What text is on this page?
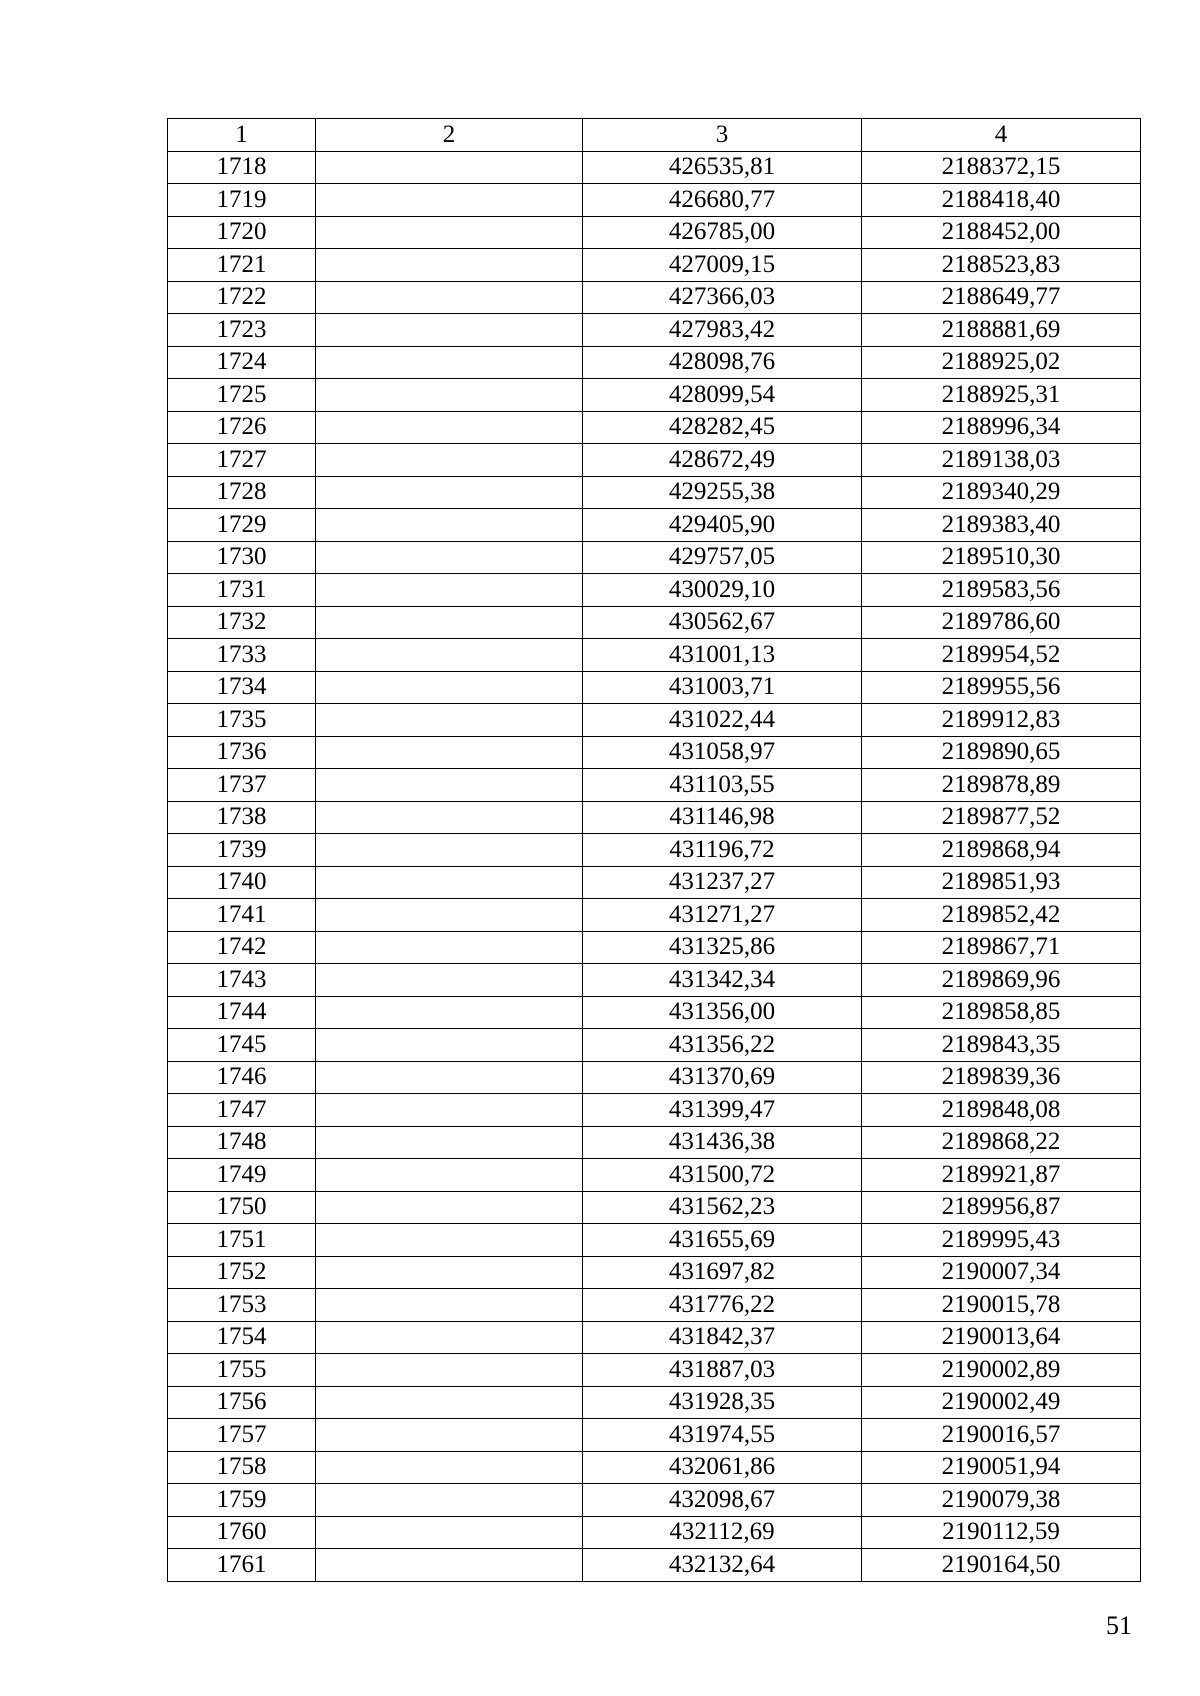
1	2	3	4
1718		426535,81	2188372,15
1719		426680,77	2188418,40
1720		426785,00	2188452,00
1721		427009,15	2188523,83
1722		427366,03	2188649,77
1723		427983,42	2188881,69
1724		428098,76	2188925,02
1725		428099,54	2188925,31
1726		428282,45	2188996,34
1727		428672,49	2189138,03
1728		429255,38	2189340,29
1729		429405,90	2189383,40
1730		429757,05	2189510,30
1731		430029,10	2189583,56
1732		430562,67	2189786,60
1733		431001,13	2189954,52
1734		431003,71	2189955,56
1735		431022,44	2189912,83
1736		431058,97	2189890,65
1737		431103,55	2189878,89
1738		431146,98	2189877,52
1739		431196,72	2189868,94
1740		431237,27	2189851,93
1741		431271,27	2189852,42
1742		431325,86	2189867,71
1743		431342,34	2189869,96
1744		431356,00	2189858,85
1745		431356,22	2189843,35
1746		431370,69	2189839,36
1747		431399,47	2189848,08
1748		431436,38	2189868,22
1749		431500,72	2189921,87
1750		431562,23	2189956,87
1751		431655,69	2189995,43
1752		431697,82	2190007,34
1753		431776,22	2190015,78
1754		431842,37	2190013,64
1755		431887,03	2190002,89
1756		431928,35	2190002,49
1757		431974,55	2190016,57
1758		432061,86	2190051,94
1759		432098,67	2190079,38
1760		432112,69	2190112,59
1761		432132,64	2190164,50
51
